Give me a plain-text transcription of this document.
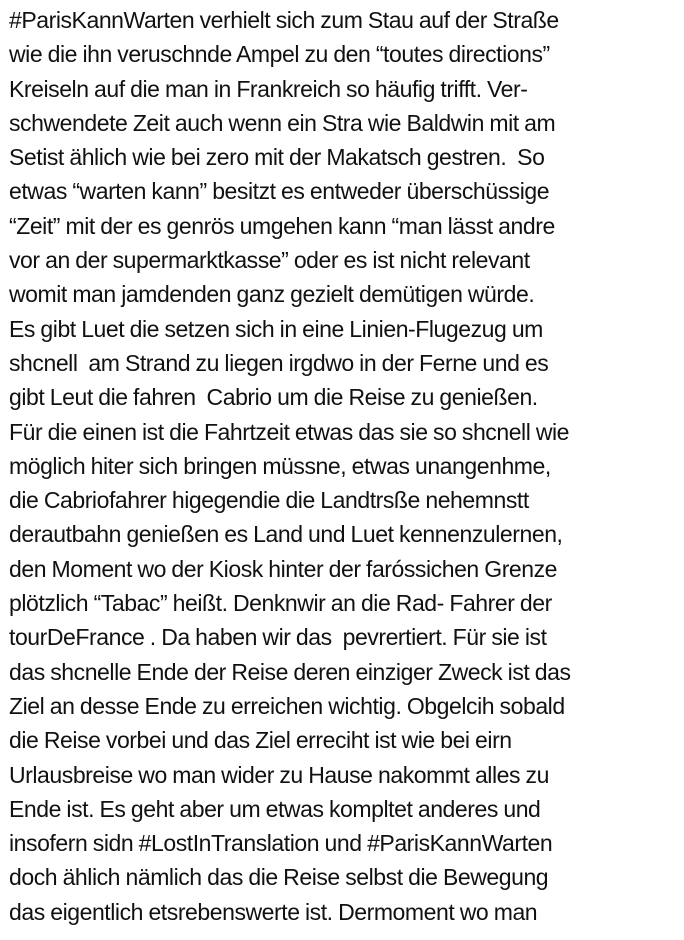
#ParisKannWarten verhielt sich zum Stau auf der Straße
wie die ihn veruschnde Ampel zu den “toutes directions”
Kreiseln auf die man in Frankreich so häufig trifft. Ver-
schwendete Zeit auch wenn ein Stra wie Baldwin mit am
Setist ählich wie bei zero mit der Makatsch gestren.  So
etwas “warten kann” besitzt es entweder überschüssige
“Zeit” mit der es genrös umgehen kann “man lässt andre
vor an der supermarktkasse” oder es ist nicht relevant
womit man jamdenden ganz gezielt demütigen würde.
Es gibt Luet die setzen sich in eine Linien-Flugezug um
shcnell  am Strand zu liegen irgdwo in der Ferne und es
gibt Leut die fahren  Cabrio um die Reise zu genießen.
Für die einen ist die Fahrtzeit etwas das sie so shcnell wie
möglich hiter sich bringen müssne, etwas unangenhme,
die Cabriofahrer higegendie die Landtrsße nehemnstt
derautbahn genießen es Land und Luet kennenzulernen,
den Moment wo der Kiosk hinter der faróssichen Grenze
plötzlich “Tabac” heißt. Denknwir an die Rad- Fahrer der
tourDeFrance . Da haben wir das  pevrertiert. Für sie ist
das shcnelle Ende der Reise deren einziger Zweck ist das
Ziel an desse Ende zu erreichen wichtig. Obgelcih sobald
die Reise vorbei und das Ziel erreciht ist wie bei eirn
Urlausbreise wo man wider zu Hause nakommt alles zu
Ende ist. Es geht aber um etwas kompltet anderes und
insofern sidn #LostInTranslation und #ParisKannWarten
doch ählich nämlich das die Reise selbst die Bewegung
das eigentlich etsrebenswerte ist. Dermoment wo man
